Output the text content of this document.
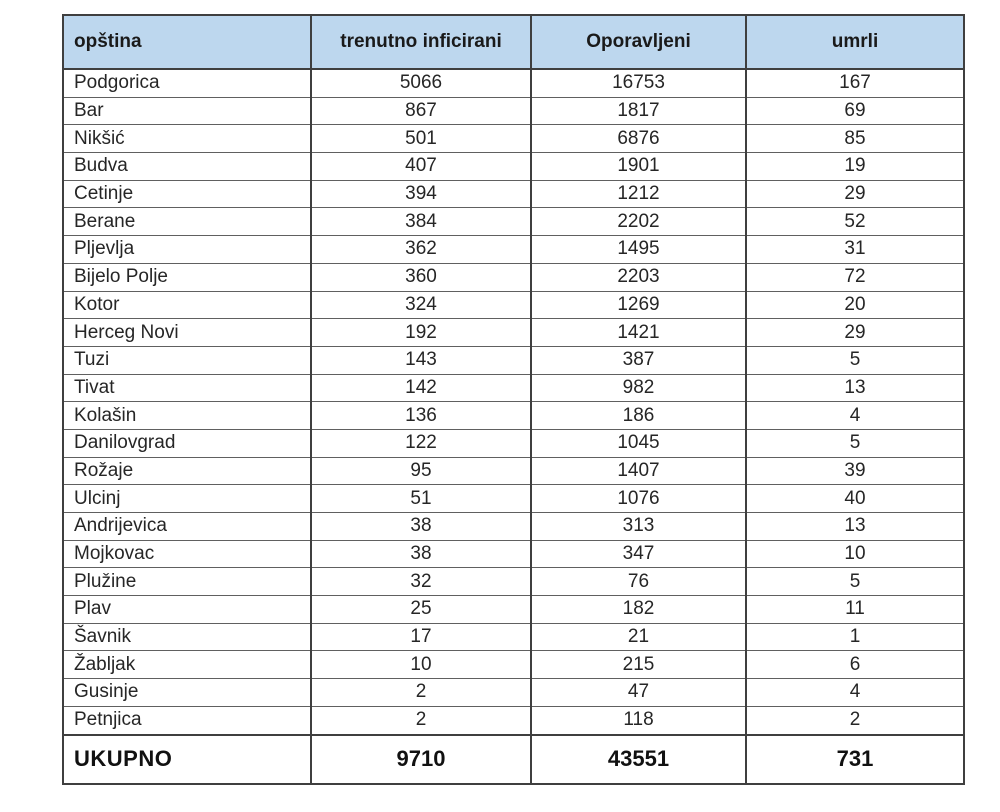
opština	trenutno inficirani	Oporavljeni	umrli
Podgorica	5066	16753	167
Bar	867	1817	69
Nikšić	501	6876	85
Budva	407	1901	19
Cetinje	394	1212	29
Berane	384	2202	52
Pljevlja	362	1495	31
Bijelo Polje	360	2203	72
Kotor	324	1269	20
Herceg Novi	192	1421	29
Tuzi	143	387	5
Tivat	142	982	13
Kolašin	136	186	4
Danilovgrad	122	1045	5
Rožaje	95	1407	39
Ulcinj	51	1076	40
Andrijevica	38	313	13
Mojkovac	38	347	10
Plužine	32	76	5
Plav	25	182	11
Šavnik	17	21	1
Žabljak	10	215	6
Gusinje	2	47	4
Petnjica	2	118	2
UKUPNO	9710	43551	731
